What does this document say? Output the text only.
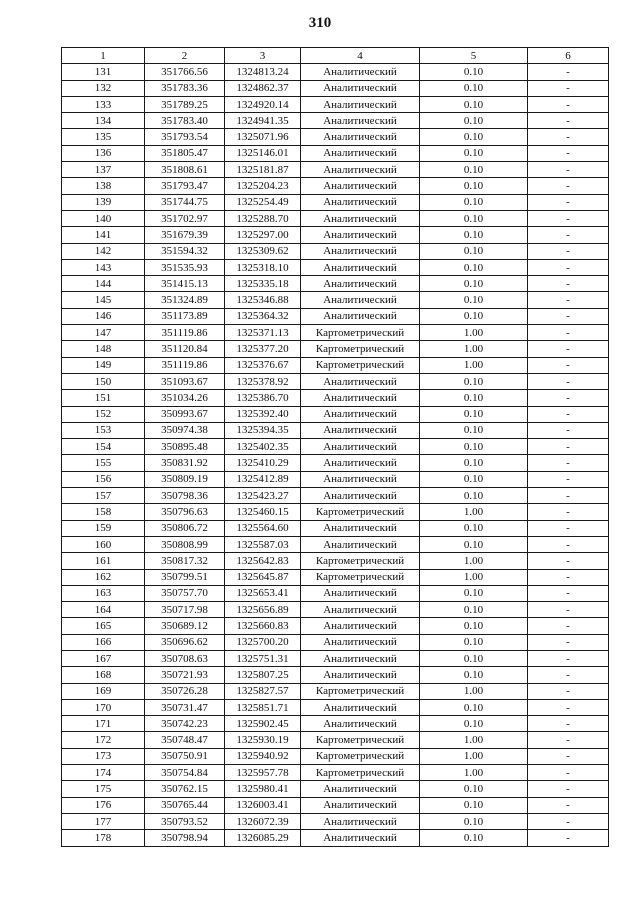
310
1	2	3	4	5	6
131	351766.56	1324813.24	Аналитический	0.10	-
132	351783.36	1324862.37	Аналитический	0.10	-
133	351789.25	1324920.14	Аналитический	0.10	-
134	351783.40	1324941.35	Аналитический	0.10	-
135	351793.54	1325071.96	Аналитический	0.10	-
136	351805.47	1325146.01	Аналитический	0.10	-
137	351808.61	1325181.87	Аналитический	0.10	-
138	351793.47	1325204.23	Аналитический	0.10	-
139	351744.75	1325254.49	Аналитический	0.10	-
140	351702.97	1325288.70	Аналитический	0.10	-
141	351679.39	1325297.00	Аналитический	0.10	-
142	351594.32	1325309.62	Аналитический	0.10	-
143	351535.93	1325318.10	Аналитический	0.10	-
144	351415.13	1325335.18	Аналитический	0.10	-
145	351324.89	1325346.88	Аналитический	0.10	-
146	351173.89	1325364.32	Аналитический	0.10	-
147	351119.86	1325371.13	Картометрический	1.00	-
148	351120.84	1325377.20	Картометрический	1.00	-
149	351119.86	1325376.67	Картометрический	1.00	-
150	351093.67	1325378.92	Аналитический	0.10	-
151	351034.26	1325386.70	Аналитический	0.10	-
152	350993.67	1325392.40	Аналитический	0.10	-
153	350974.38	1325394.35	Аналитический	0.10	-
154	350895.48	1325402.35	Аналитический	0.10	-
155	350831.92	1325410.29	Аналитический	0.10	-
156	350809.19	1325412.89	Аналитический	0.10	-
157	350798.36	1325423.27	Аналитический	0.10	-
158	350796.63	1325460.15	Картометрический	1.00	-
159	350806.72	1325564.60	Аналитический	0.10	-
160	350808.99	1325587.03	Аналитический	0.10	-
161	350817.32	1325642.83	Картометрический	1.00	-
162	350799.51	1325645.87	Картометрический	1.00	-
163	350757.70	1325653.41	Аналитический	0.10	-
164	350717.98	1325656.89	Аналитический	0.10	-
165	350689.12	1325660.83	Аналитический	0.10	-
166	350696.62	1325700.20	Аналитический	0.10	-
167	350708.63	1325751.31	Аналитический	0.10	-
168	350721.93	1325807.25	Аналитический	0.10	-
169	350726.28	1325827.57	Картометрический	1.00	-
170	350731.47	1325851.71	Аналитический	0.10	-
171	350742.23	1325902.45	Аналитический	0.10	-
172	350748.47	1325930.19	Картометрический	1.00	-
173	350750.91	1325940.92	Картометрический	1.00	-
174	350754.84	1325957.78	Картометрический	1.00	-
175	350762.15	1325980.41	Аналитический	0.10	-
176	350765.44	1326003.41	Аналитический	0.10	-
177	350793.52	1326072.39	Аналитический	0.10	-
178	350798.94	1326085.29	Аналитический	0.10	-
